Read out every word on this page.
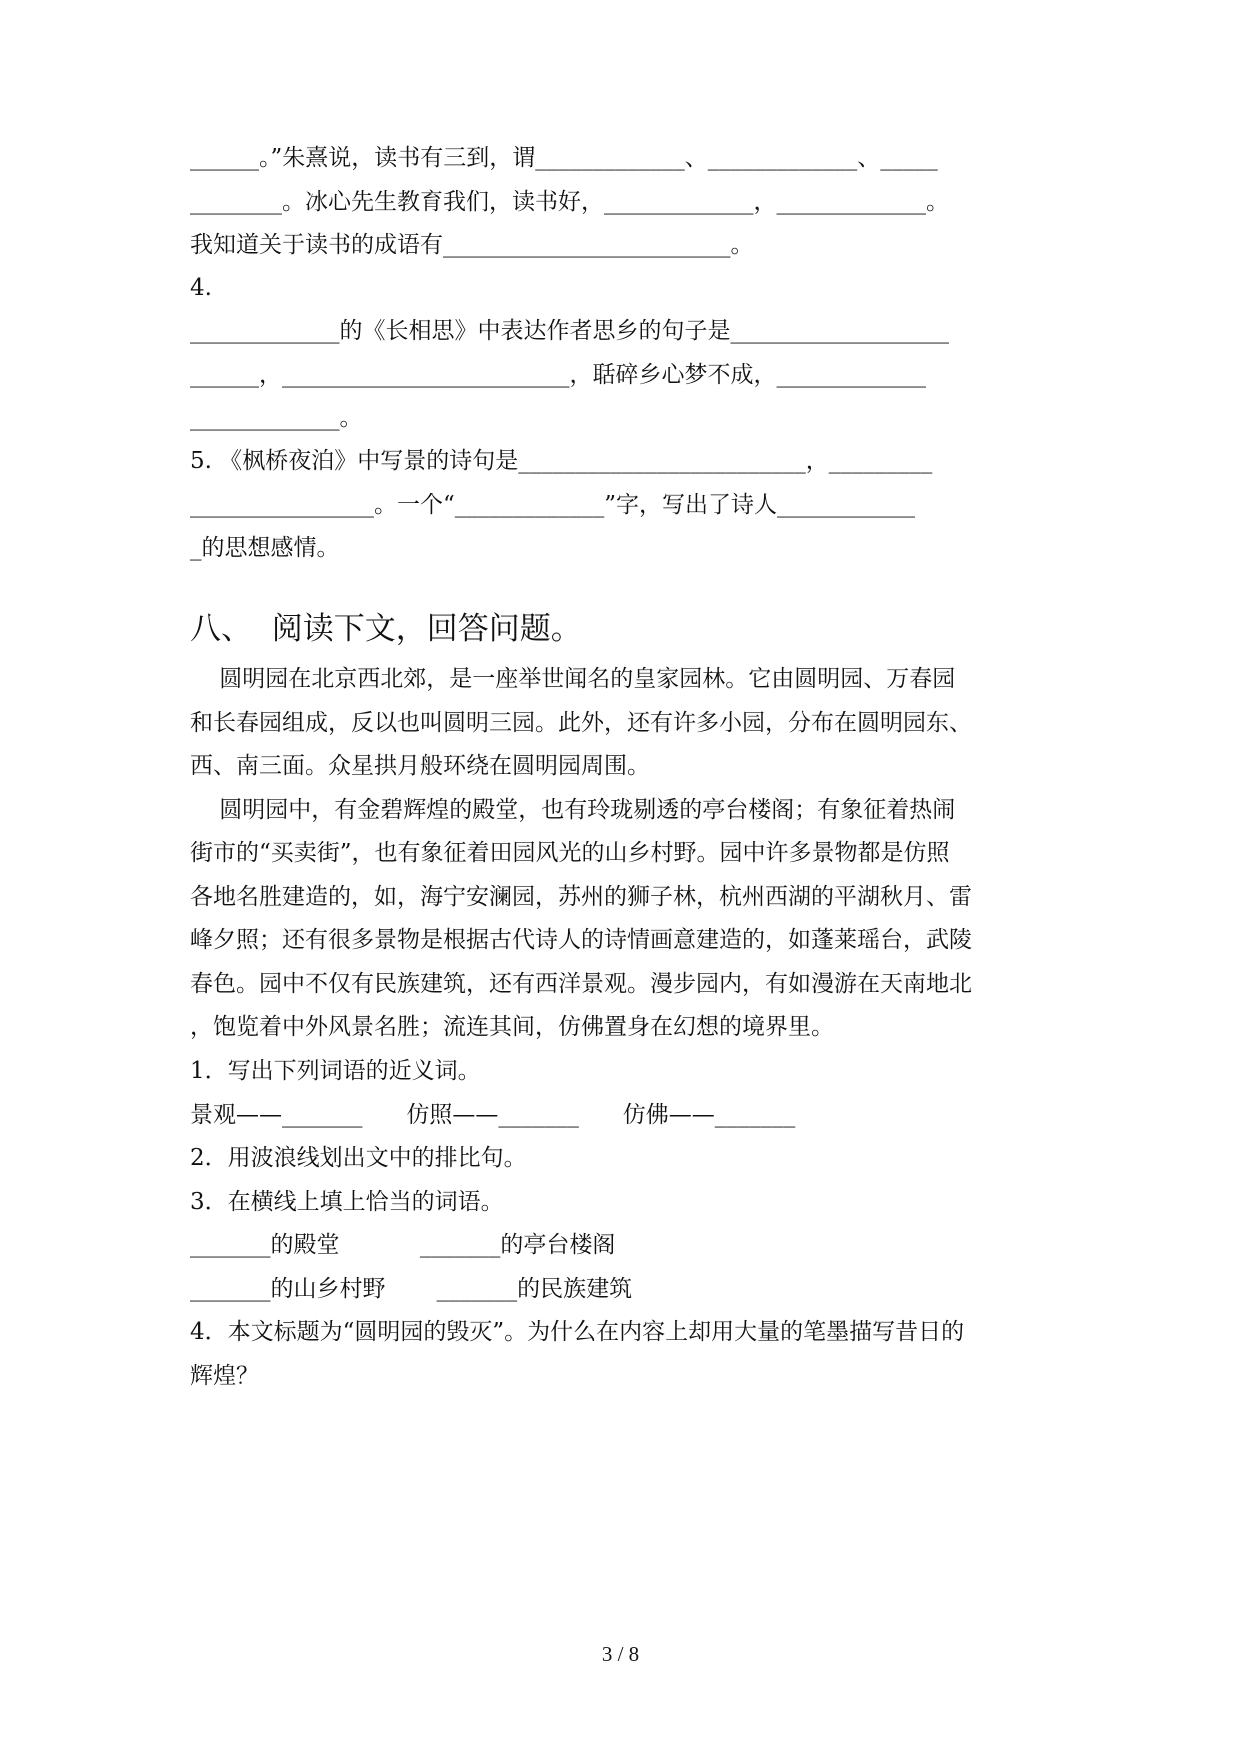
______。”朱熹说，读书有三到，谓_____________、_____________、_____
________。冰心先生教育我们，读书好，_____________，_____________。
我知道关于读书的成语有_________________________。
4.
_____________的《长相思》中表达作者思乡的句子是___________________
______，_________________________，聒碎乡心梦不成，_____________
_____________。
5. 《枫桥夜泊》中写景的诗句是_________________________，_________
________________。一个“_____________”字，写出了诗人____________
_的思想感情。
八、  阅读下文，回答问题。
圆明园在北京西北郊，是一座举世闻名的皇家园林。它由圆明园、万春园
和长春园组成，反以也叫圆明三园。此外，还有许多小园，分布在圆明园东、
西、南三面。众星拱月般环绕在圆明园周围。
圆明园中，有金碧辉煌的殿堂，也有玲珑剔透的亭台楼阁；有象征着热闹
街市的“买卖街”，也有象征着田园风光的山乡村野。园中许多景物都是仿照
各地名胜建造的，如，海宁安澜园，苏州的狮子林，杭州西湖的平湖秋月、雷
峰夕照；还有很多景物是根据古代诗人的诗情画意建造的，如蓬莱瑶台，武陵
春色。园中不仅有民族建筑，还有西洋景观。漫步园内，有如漫游在天南地北
，饱览着中外风景名胜；流连其间，仿佛置身在幻想的境界里。
1．写出下列词语的近义词。
景观——_______      仿照——_______      仿佛——_______
2．用波浪线划出文中的排比句。
3．在横线上填上恰当的词语。
_______的殿堂           _______的亭台楼阁
_______的山乡村野       _______的民族建筑
4．本文标题为“圆明园的毁灭”。为什么在内容上却用大量的笔墨描写昔日的
辉煌？
3 / 8
